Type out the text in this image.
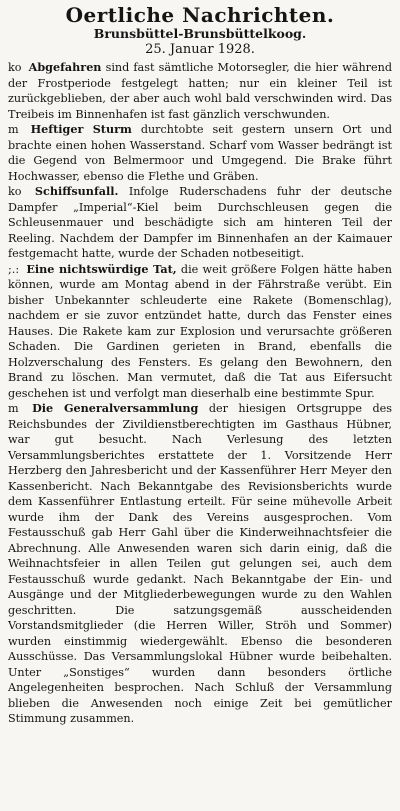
Oertliche Nachrichten.
Brunsbüttel-Brunsbüttelkoog.
25. Januar 1928.

ko Abgefahren sind fast sämtliche Motorsegler, die hier während der Frostperiode festgelegt hatten; nur ein kleiner Teil ist zurückgeblieben, der aber auch wohl bald verschwinden wird. Das Treibeis im Binnenhafen ist fast gänzlich verschwunden.

m Heftiger Sturm durchtobte seit gestern unsern Ort und brachte einen hohen Wasserstand. Scharf vom Wasser bedrängt ist die Gegend von Belmermoor und Umgegend. Die Brake führt Hochwasser, ebenso die Flethe und Gräben.

ko Schiffsunfall. Infolge Ruderschadens fuhr der deutsche Dampfer „Imperial“-Kiel beim Durchschleusen gegen die Schleusenmauer und beschädigte sich am hinteren Teil der Reeling. Nachdem der Dampfer im Binnenhafen an der Kaimauer festgemacht hatte, wurde der Schaden notbeseitigt.

;.: Eine nichtswürdige Tat, die weit größere Folgen hätte haben können, wurde am Montag abend in der Fährstraße verübt. Ein bisher Unbekannter schleuderte eine Rakete (Bomenschlag), nachdem er sie zuvor entzündet hatte, durch das Fenster eines Hauses. Die Rakete kam zur Explosion und verursachte größeren Schaden. Die Gardinen gerieten in Brand, ebenfalls die Holzverschalung des Fensters. Es gelang den Bewohnern, den Brand zu löschen. Man vermutet, daß die Tat aus Eifersucht geschehen ist und verfolgt man dieserhalb eine bestimmte Spur.

m Die Generalversammlung der hiesigen Ortsgruppe des Reichsbundes der Zivildienstberechtigten im Gasthaus Hübner, war gut besucht. Nach Verlesung des letzten Versammlungsberichtes erstattete der 1. Vorsitzende Herr Herzberg den Jahresbericht und der Kassenführer Herr Meyer den Kassenbericht. Nach Bekanntgabe des Revisionsberichts wurde dem Kassenführer Entlastung erteilt. Für seine mühevolle Arbeit wurde ihm der Dank des Vereins ausgesprochen. Vom Festausschuß gab Herr Gahl über die Kinderweihnachtsfeier die Abrechnung. Alle Anwesenden waren sich darin einig, daß die Weihnachtsfeier in allen Teilen gut gelungen sei, auch dem Festausschuß wurde gedankt. Nach Bekanntgabe der Ein- und Ausgänge und der Mitgliederbewegungen wurde zu den Wahlen geschritten. Die satzungsgemäß ausscheidenden Vorstandsmitglieder (die Herren Willer, Ströh und Sommer) wurden einstimmig wiedergewählt. Ebenso die besonderen Ausschüsse. Das Versammlungslokal Hübner wurde beibehalten. Unter „Sonstiges“ wurden dann besonders örtliche Angelegenheiten besprochen. Nach Schluß der Versammlung blieben die Anwesenden noch einige Zeit bei gemütlicher Stimmung zusammen.
